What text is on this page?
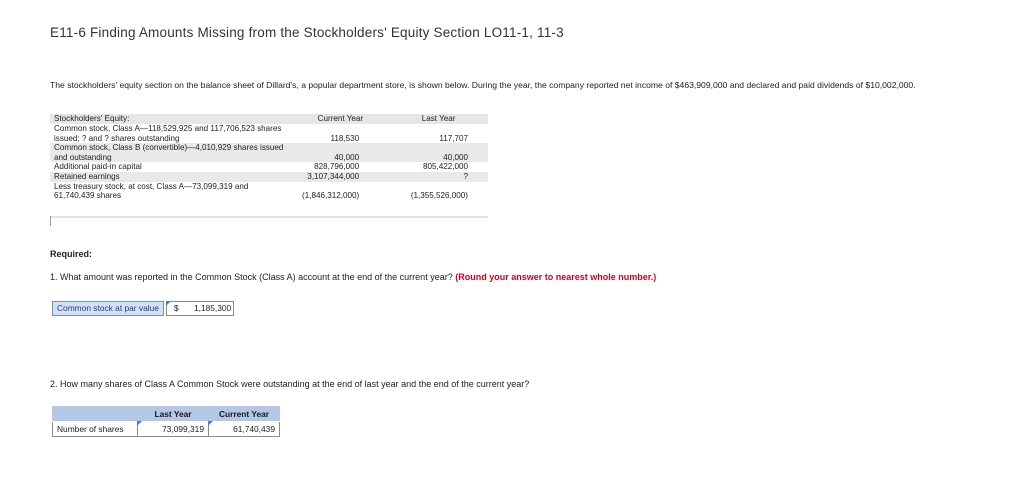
E11-6 Finding Amounts Missing from the Stockholders' Equity Section LO11-1, 11-3
The stockholders' equity section on the balance sheet of Dillard's, a popular department store, is shown below. During the year, the company reported net income of $463,909,000 and declared and paid dividends of $10,002,000.
Stockholders' Equity:	Current Year	Last Year
Common stock, Class A—118,529,925 and 117,706,523 shares issued; ? and ? shares outstanding	118,530	117,707
Common stock, Class B (convertible)—4,010,929 shares issued and outstanding	40,000	40,000
Additional paid-in capital	828,796,000	805,422,000
Retained earnings	3,107,344,000	?
Less treasury stock, at cost, Class A—73,099,319 and 61,740,439 shares	(1,846,312,000)	(1,355,526,000)
Required:
1. What amount was reported in the Common Stock (Class A) account at the end of the current year? (Round your answer to nearest whole number.)
Common stock at par value	$ 1,185,300
2. How many shares of Class A Common Stock were outstanding at the end of last year and the end of the current year?
	Last Year	Current Year
Number of shares	73,099,319	61,740,439
